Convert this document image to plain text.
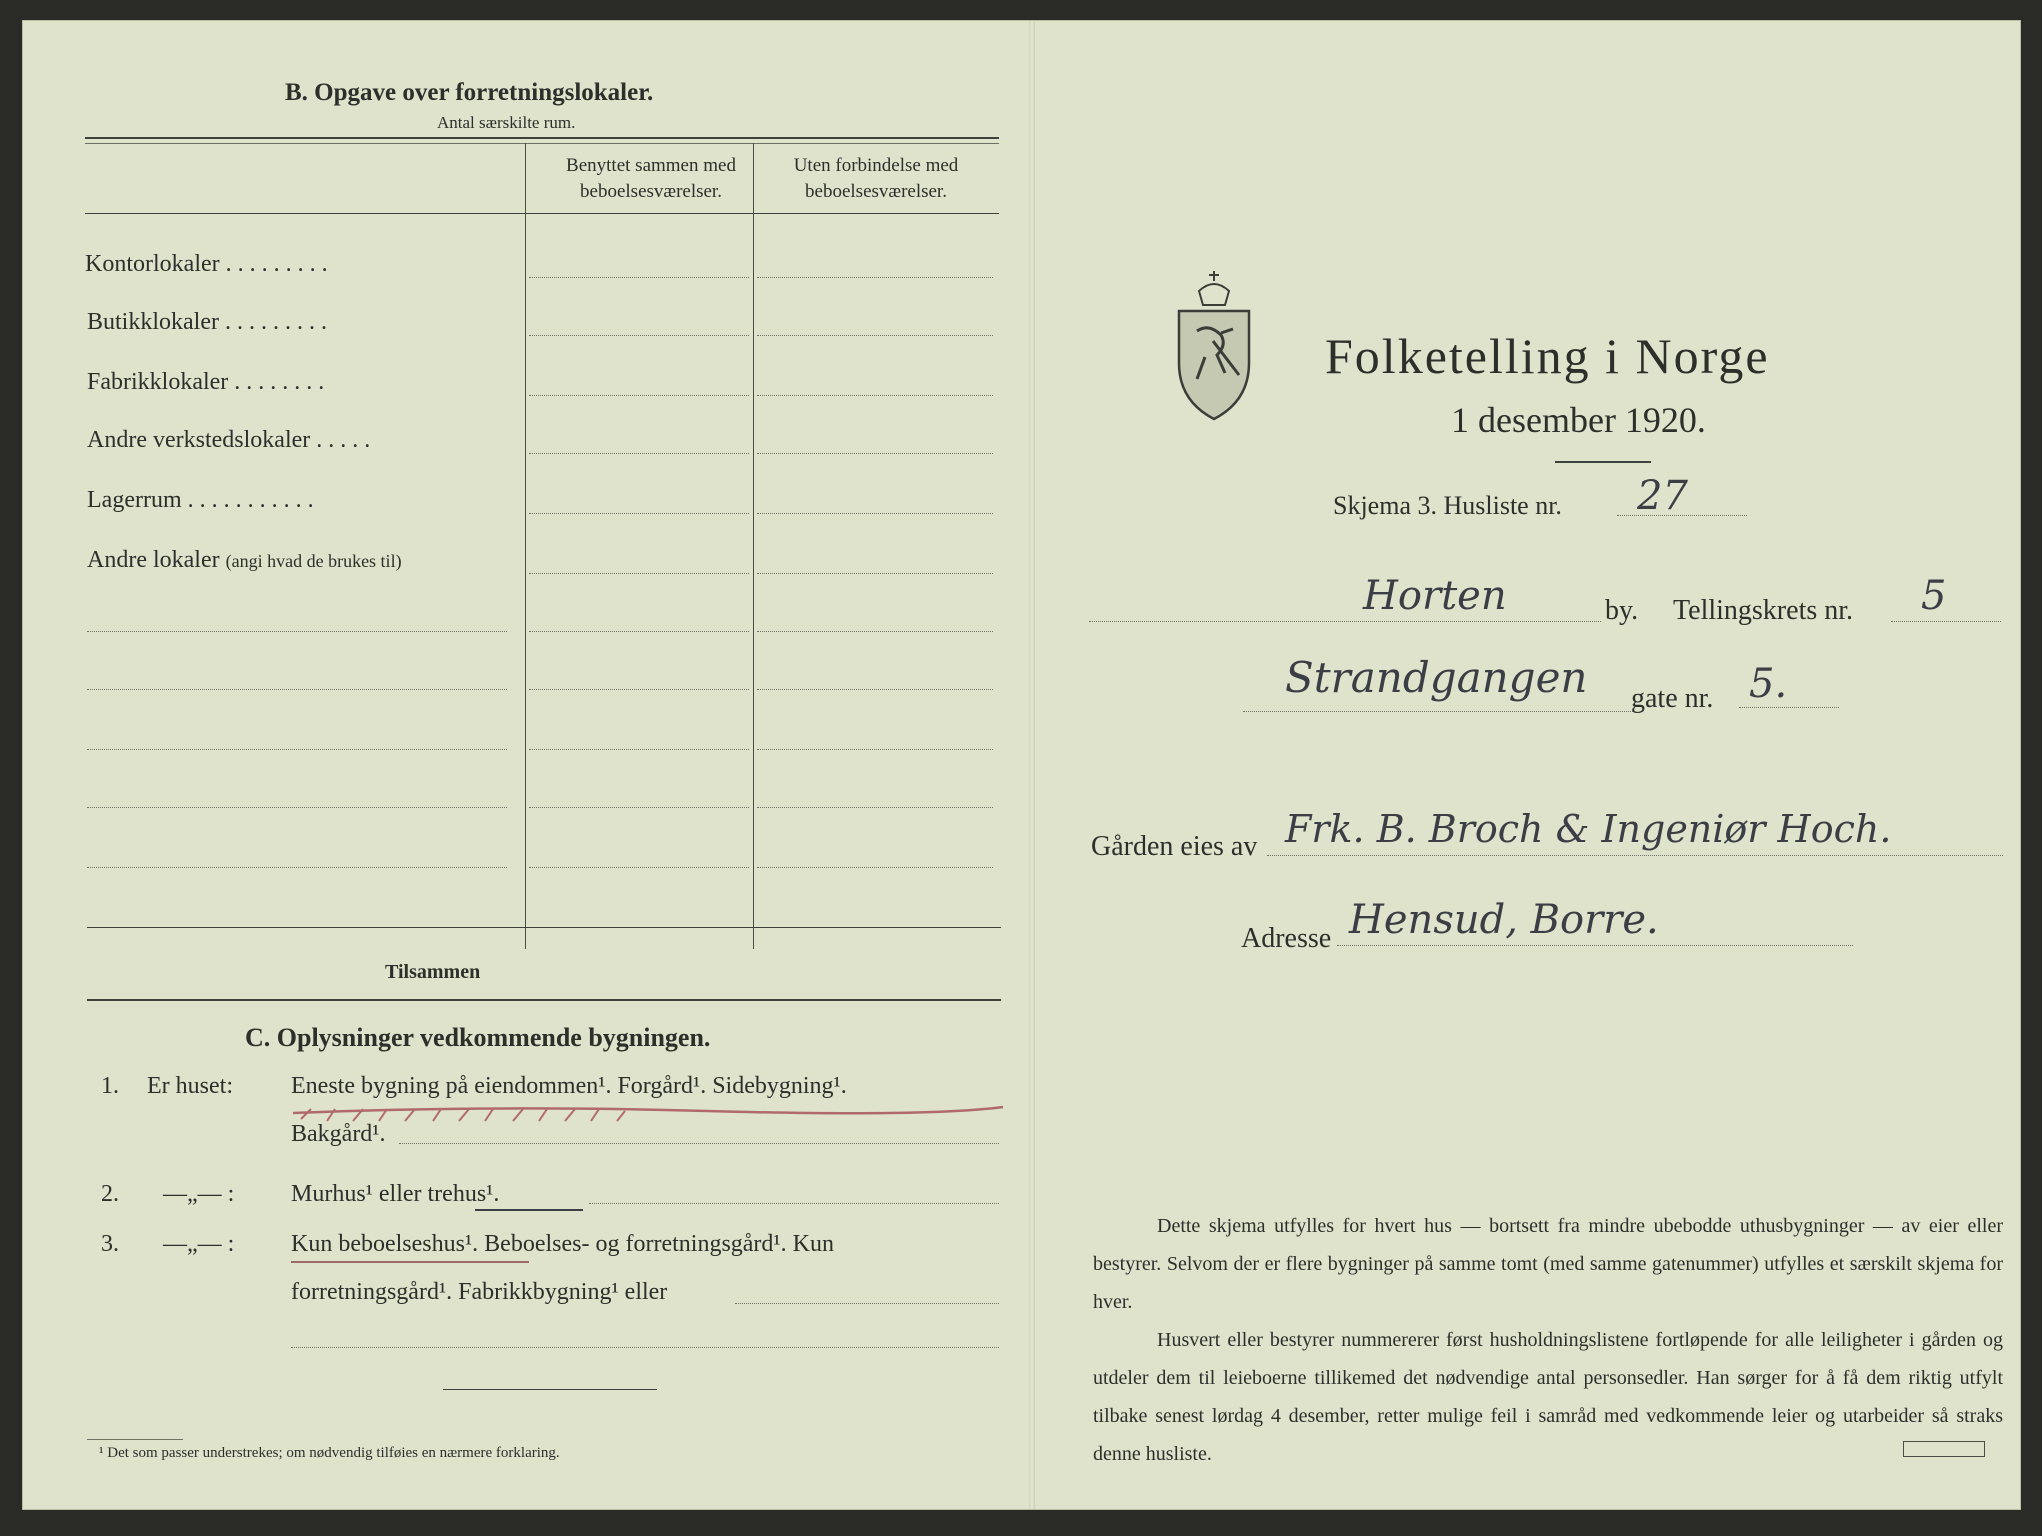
B. Opgave over forretningslokaler.
Antal særskilte rum.
Benyttet sammen med beboelsesværelser.
Uten forbindelse med beboelsesværelser.
Kontorlokaler . . . . . . . . .
Butikklokaler . . . . . . . . .
Fabrikklokaler . . . . . . . .
Andre verkstedslokaler . . . . .
Lagerrum . . . . . . . . . . .
Andre lokaler (angi hvad de brukes til)
Tilsammen
C. Oplysninger vedkommende bygningen.
1. Er huset: Eneste bygning på eiendommen¹. Forgård¹. Sidebygning¹.
Bakgård¹.
2. —„— : Murhus¹ eller trehus¹.
3. —„— : Kun beboelseshus¹. Beboelses- og forretningsgård¹. Kun
forretningsgård¹. Fabrikkbygning¹ eller
¹ Det som passer understrekes; om nødvendig tilføies en nærmere forklaring.
Folketelling i Norge
1 desember 1920.
Skjema 3. Husliste nr. 27
Horten	by. Tellingskrets nr. 5
Strandgangen gate nr. 5.
Gården eies av Frk. B. Broch & Ingeniør Hoch.
Adresse Hensud, Borre.
Dette skjema utfylles for hvert hus — bortsett fra mindre ubebodde uthusbygninger — av eier eller bestyrer. Selvom der er flere bygninger på samme tomt (med samme gatenummer) utfylles et særskilt skjema for hver.
Husvert eller bestyrer nummererer først husholdningslistene fortløpende for alle leiligheter i gården og utdeler dem til leieboerne tillikemed det nødvendige antal personsedler. Han sørger for å få dem riktig utfylt tilbake senest lørdag 4 desember, retter mulige feil i samråd med vedkommende leier og utarbeider så straks denne husliste.
